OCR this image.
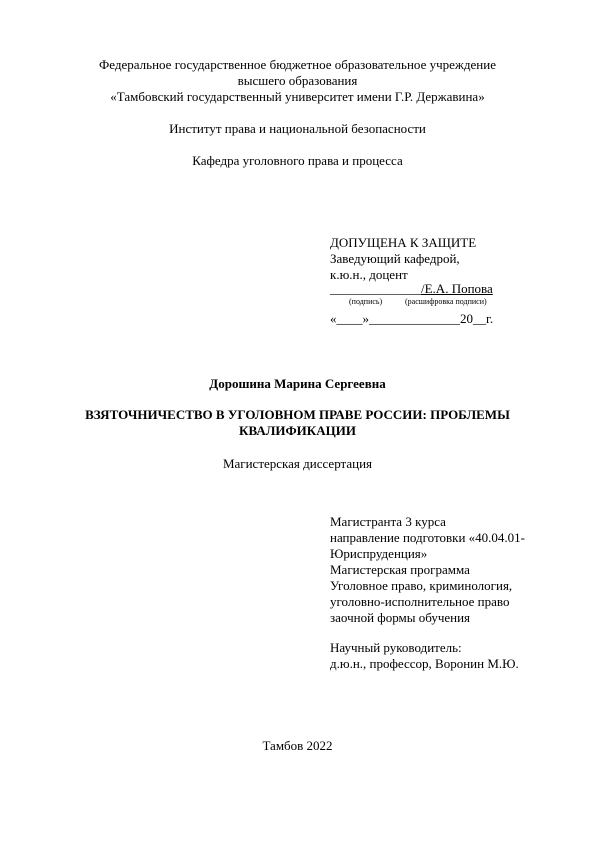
Федеральное государственное бюджетное образовательное учреждение
высшего образования
«Тамбовский государственный университет имени Г.Р. Державина»
Институт права и национальной безопасности
Кафедра уголовного права и процесса
ДОПУЩЕНА К ЗАЩИТЕ
Заведующий кафедрой,
к.ю.н., доцент
______________/Е.А. Попова
(подпись)	(расшифровка подписи)
«____»______________20__г.
Дорошина Марина Сергеевна
ВЗЯТОЧНИЧЕСТВО В УГОЛОВНОМ ПРАВЕ РОССИИ: ПРОБЛЕМЫ
КВАЛИФИКАЦИИ
Магистерская диссертация
Магистранта 3 курса
направление подготовки «40.04.01-
Юриспруденция»
Магистерская программа
Уголовное право, криминология,
уголовно-исполнительное право
заочной формы обучения
Научный руководитель:
д.ю.н., профессор, Воронин М.Ю.
Тамбов 2022
